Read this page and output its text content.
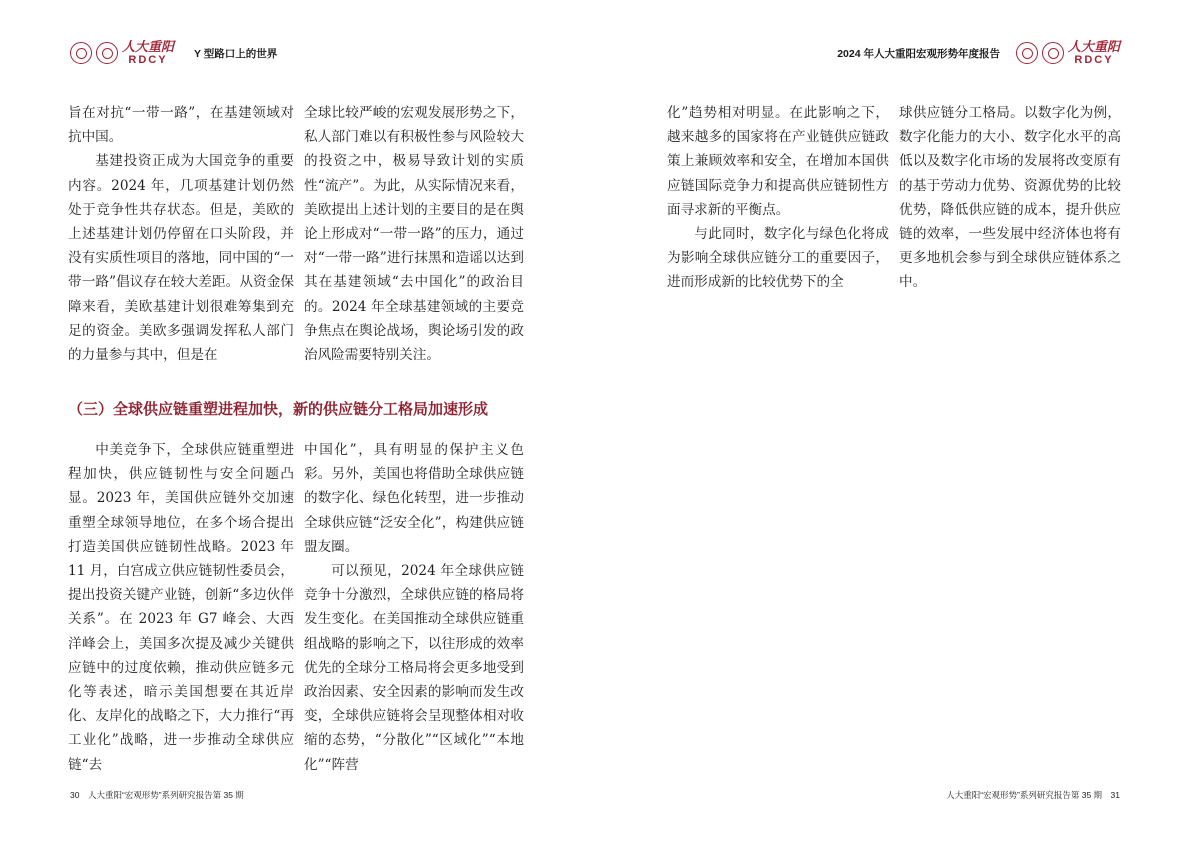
人大重阳
RDCY	Y 型路口上的世界	2024 年人大重阳宏观形势年度报告	人大重阳
RDCY

旨在对抗“一带一路”，在基建领域对抗中国。

基建投资正成为大国竞争的重要内容。2024 年，几项基建计划仍然处于竞争性共存状态。但是，美欧的上述基建计划仍停留在口头阶段，并没有实质性项目的落地，同中国的“一带一路”倡议存在较大差距。从资金保障来看，美欧基建计划很难筹集到充足的资金。美欧多强调发挥私人部门的力量参与其中，但是在

全球比较严峻的宏观发展形势之下，私人部门难以有积极性参与风险较大的投资之中，极易导致计划的实质性“流产”。为此，从实际情况来看，美欧提出上述计划的主要目的是在舆论上形成对“一带一路”的压力，通过对“一带一路”进行抹黑和造谣以达到其在基建领域“去中国化”的政治目的。2024 年全球基建领域的主要竞争焦点在舆论战场，舆论场引发的政治风险需要特别关注。

（三）全球供应链重塑进程加快，新的供应链分工格局加速形成

中美竞争下，全球供应链重塑进程加快，供应链韧性与安全问题凸显。2023 年，美国供应链外交加速重塑全球领导地位，在多个场合提出打造美国供应链韧性战略。2023 年 11 月，白宫成立供应链韧性委员会，提出投资关键产业链，创新“多边伙伴关系”。在 2023 年 G7 峰会、大西洋峰会上，美国多次提及减少关键供应链中的过度依赖，推动供应链多元化等表述，暗示美国想要在其近岸化、友岸化的战略之下，大力推行“再工业化”战略，进一步推动全球供应链“去

中国化”，具有明显的保护主义色彩。另外，美国也将借助全球供应链的数字化、绿色化转型，进一步推动全球供应链“泛安全化”，构建供应链盟友圈。

可以预见，2024 年全球供应链竞争十分激烈，全球供应链的格局将发生变化。在美国推动全球供应链重组战略的影响之下，以往形成的效率优先的全球分工格局将会更多地受到政治因素、安全因素的影响而发生改变，全球供应链将会呈现整体相对收缩的态势，“分散化”“区域化”“本地化”“阵营

化”趋势相对明显。在此影响之下，越来越多的国家将在产业链供应链政策上兼顾效率和安全，在增加本国供应链国际竞争力和提高供应链韧性方面寻求新的平衡点。

与此同时，数字化与绿色化将成为影响全球供应链分工的重要因子，进而形成新的比较优势下的全

球供应链分工格局。以数字化为例，数字化能力的大小、数字化水平的高低以及数字化市场的发展将改变原有的基于劳动力优势、资源优势的比较优势，降低供应链的成本，提升供应链的效率，一些发展中经济体也将有更多地机会参与到全球供应链体系之中。

30　人大重阳“宏观形势”系列研究报告第 35 期	人大重阳“宏观形势”系列研究报告第 35 期　31
